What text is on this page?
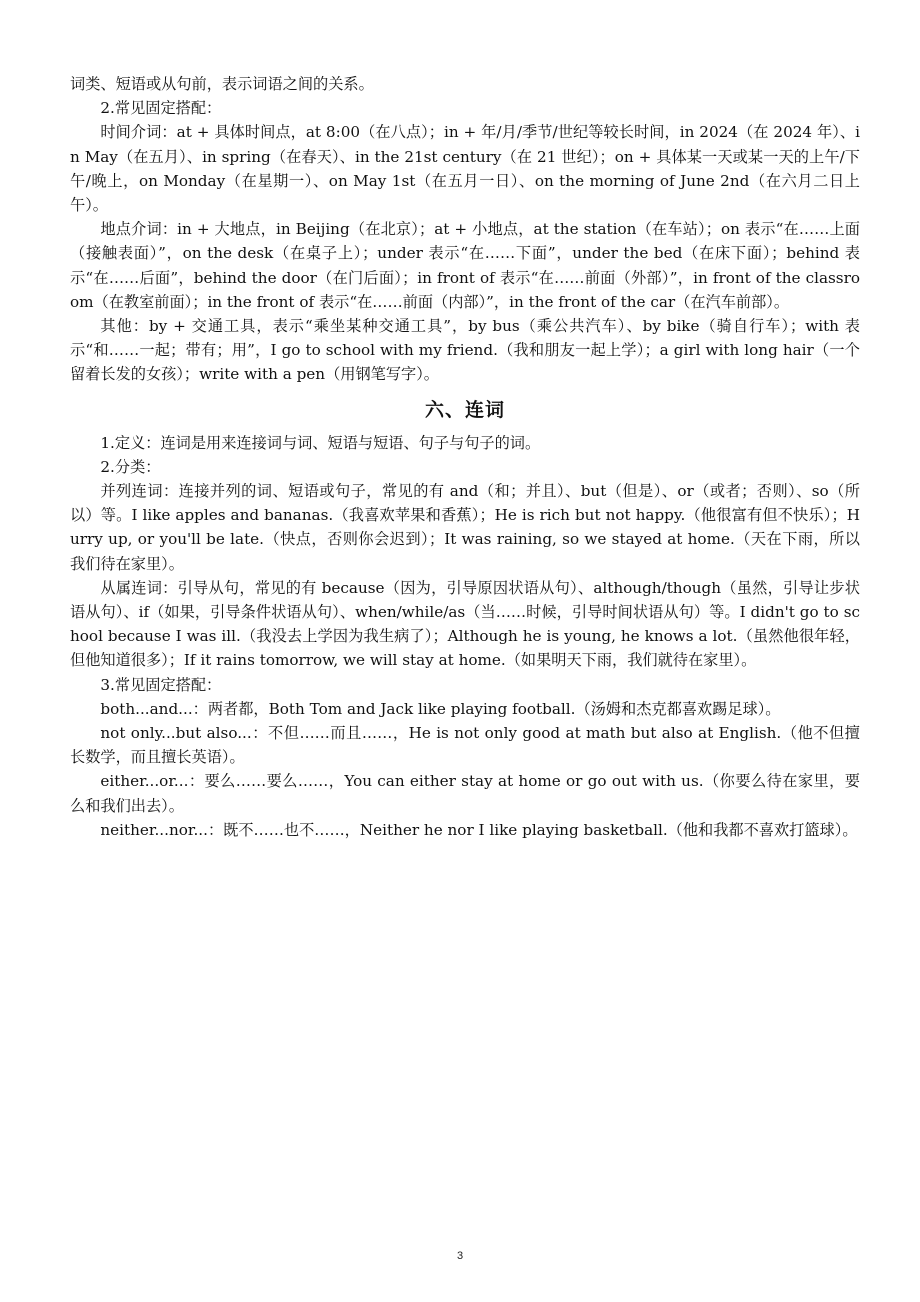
词类、短语或从句前，表示词语之间的关系。

2.常见固定搭配：

时间介词：at + 具体时间点，at 8:00（在八点）；in + 年/月/季节/世纪等较长时间，in 2024（在 2024 年）、in May（在五月）、in spring（在春天）、in the 21st century（在 21 世纪）；on + 具体某一天或某一天的上午/下午/晚上，on Monday（在星期一）、on May 1st（在五月一日）、on the morning of June 2nd（在六月二日上午）。

地点介词：in + 大地点，in Beijing（在北京）；at + 小地点，at the station（在车站）；on 表示“在……上面（接触表面）”，on the desk（在桌子上）；under 表示“在……下面”，under the bed（在床下面）；behind 表示“在……后面”，behind the door（在门后面）；in front of 表示“在……前面（外部）”，in front of the classroom（在教室前面）；in the front of 表示“在……前面（内部）”，in the front of the car（在汽车前部）。

其他：by + 交通工具，表示“乘坐某种交通工具”，by bus（乘公共汽车）、by bike（骑自行车）；with 表示“和……一起；带有；用”，I go to school with my friend.（我和朋友一起上学）；a girl with long hair（一个留着长发的女孩）；write with a pen（用钢笔写字）。

六、连词

1.定义：连词是用来连接词与词、短语与短语、句子与句子的词。

2.分类：

并列连词：连接并列的词、短语或句子，常见的有 and（和；并且）、but（但是）、or（或者；否则）、so（所以）等。I like apples and bananas.（我喜欢苹果和香蕉）；He is rich but not happy.（他很富有但不快乐）；Hurry up, or you'll be late.（快点，否则你会迟到）；It was raining, so we stayed at home.（天在下雨，所以我们待在家里）。

从属连词：引导从句，常见的有 because（因为，引导原因状语从句）、although/though（虽然，引导让步状语从句）、if（如果，引导条件状语从句）、when/while/as（当……时候，引导时间状语从句）等。I didn't go to school because I was ill.（我没去上学因为我生病了）；Although he is young, he knows a lot.（虽然他很年轻，但他知道很多）；If it rains tomorrow, we will stay at home.（如果明天下雨，我们就待在家里）。

3.常见固定搭配：

both...and...：两者都，Both Tom and Jack like playing football.（汤姆和杰克都喜欢踢足球）。

not only...but also...：不但……而且……，He is not only good at math but also at English.（他不但擅长数学，而且擅长英语）。

either...or...：要么……要么……，You can either stay at home or go out with us.（你要么待在家里，要么和我们出去）。

neither...nor...：既不……也不……，Neither he nor I like playing basketball.（他和我都不喜欢打篮球）。

3
